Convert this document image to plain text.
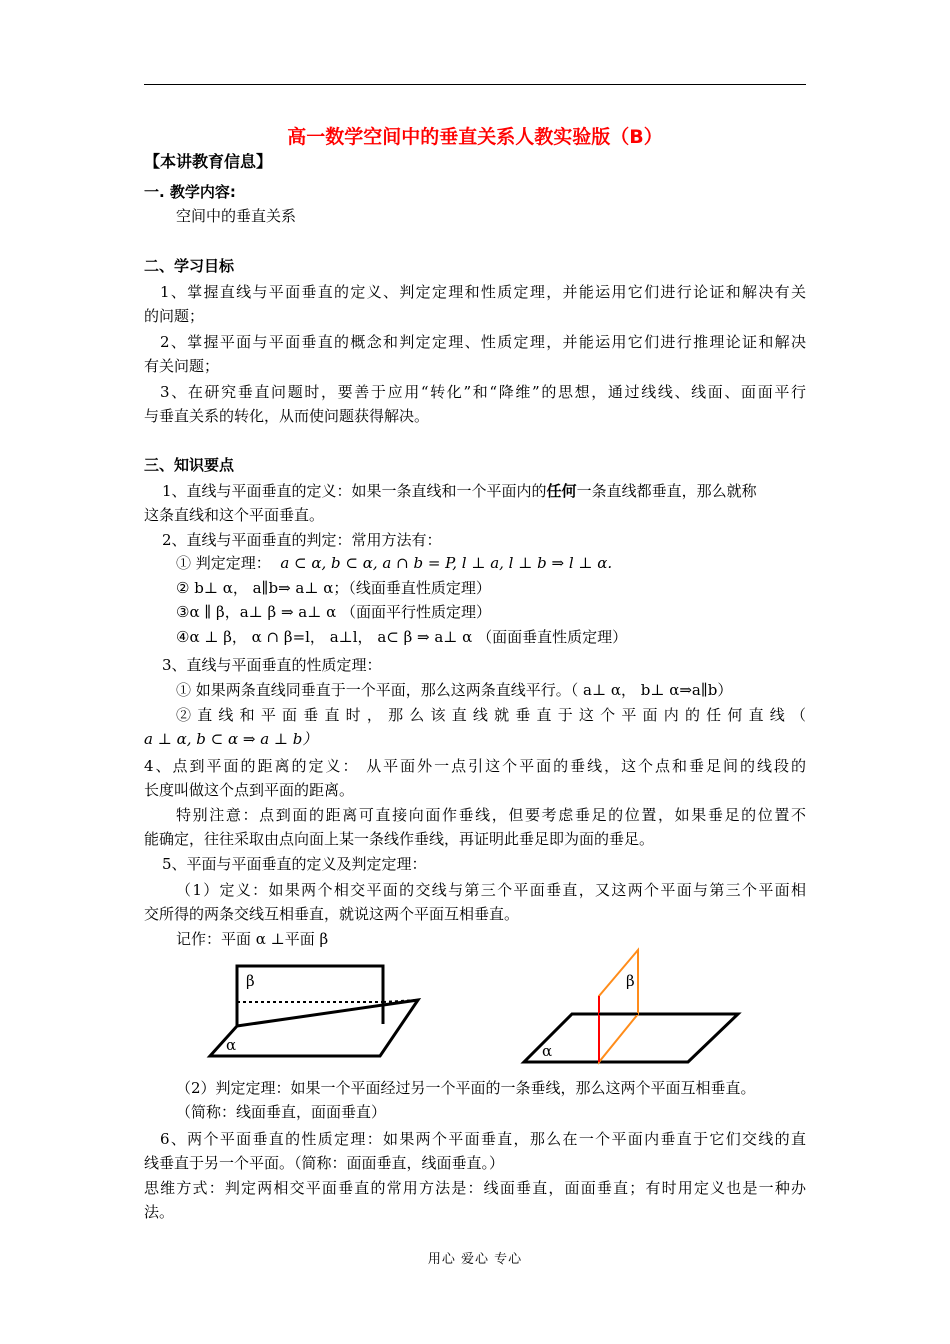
高一数学空间中的垂直关系人教实验版（B）
【本讲教育信息】
一. 教学内容:
空间中的垂直关系
二、学习目标
1、掌握直线与平面垂直的定义、判定定理和性质定理，并能运用它们进行论证和解决有关
的问题；
2、掌握平面与平面垂直的概念和判定定理、性质定理，并能运用它们进行推理论证和解决
有关问题；
3、在研究垂直问题时，要善于应用“转化”和“降维”的思想，通过线线、线面、面面平行
与垂直关系的转化，从而使问题获得解决。
三、知识要点
1、直线与平面垂直的定义：如果一条直线和一个平面内的任何一条直线都垂直，那么就称
这条直线和这个平面垂直。
2、直线与平面垂直的判定：常用方法有：
① 判定定理： a ⊂ α, b ⊂ α, a ∩ b = P, l ⊥ a, l ⊥ b ⇒ l ⊥ α.
② b⊥ α， a∥b⇒ a⊥ α；（线面垂直性质定理）
③α ∥ β，a⊥ β ⇒ a⊥ α （面面平行性质定理）
④α ⊥ β， α ∩ β=l， a⊥l， a⊂ β ⇒ a⊥ α （面面垂直性质定理）
3、直线与平面垂直的性质定理：
① 如果两条直线同垂直于一个平面，那么这两条直线平行。（ a⊥ α， b⊥ α⇒a∥b）
② 直 线 和 平 面 垂 直 时 ， 那 么 该 直 线 就 垂 直 于 这 个 平 面 内 的 任 何 直 线 （
a ⊥ α, b ⊂ α ⇒ a ⊥ b）
4、点到平面的距离的定义： 从平面外一点引这个平面的垂线，这个点和垂足间的线段的
长度叫做这个点到平面的距离。
特别注意：点到面的距离可直接向面作垂线，但要考虑垂足的位置，如果垂足的位置不
能确定，往往采取由点向面上某一条线作垂线，再证明此垂足即为面的垂足。
5、平面与平面垂直的定义及判定定理：
（1）定义：如果两个相交平面的交线与第三个平面垂直，又这两个平面与第三个平面相
交所得的两条交线互相垂直，就说这两个平面互相垂直。
记作：平面 α ⊥平面 β
β
α
β
α
（2）判定定理：如果一个平面经过另一个平面的一条垂线，那么这两个平面互相垂直。
（简称：线面垂直，面面垂直）
6、两个平面垂直的性质定理：如果两个平面垂直，那么在一个平面内垂直于它们交线的直
线垂直于另一个平面。（简称：面面垂直，线面垂直。）
思维方式：判定两相交平面垂直的常用方法是：线面垂直，面面垂直；有时用定义也是一种办
法。
用心 爱心 专心
